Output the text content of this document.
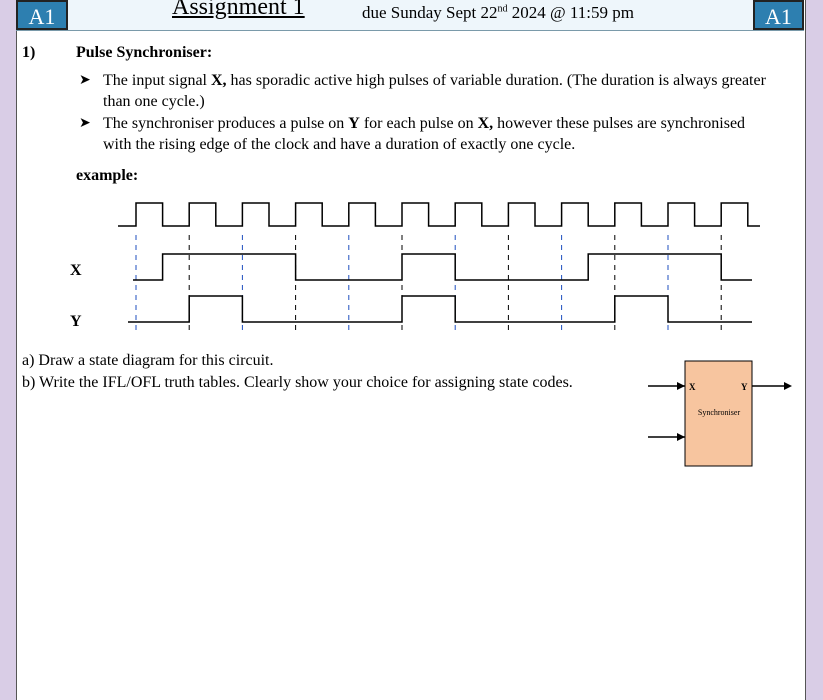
A1	A1
Assignment 1	due Sunday Sept 22nd 2024 @ 11:59 pm
1)	Pulse Synchroniser:
➤ The input signal X, has sporadic active high pulses of variable duration. (The duration is always greater than one cycle.)
➤ The synchroniser produces a pulse on Y for each pulse on X, however these pulses are synchronised with the rising edge of the clock and have a duration of exactly one cycle.
example:
X
Y
a) Draw a state diagram for this circuit.
b) Write the IFL/OFL truth tables. Clearly show your choice for assigning state codes.	X	Y
Synchroniser
